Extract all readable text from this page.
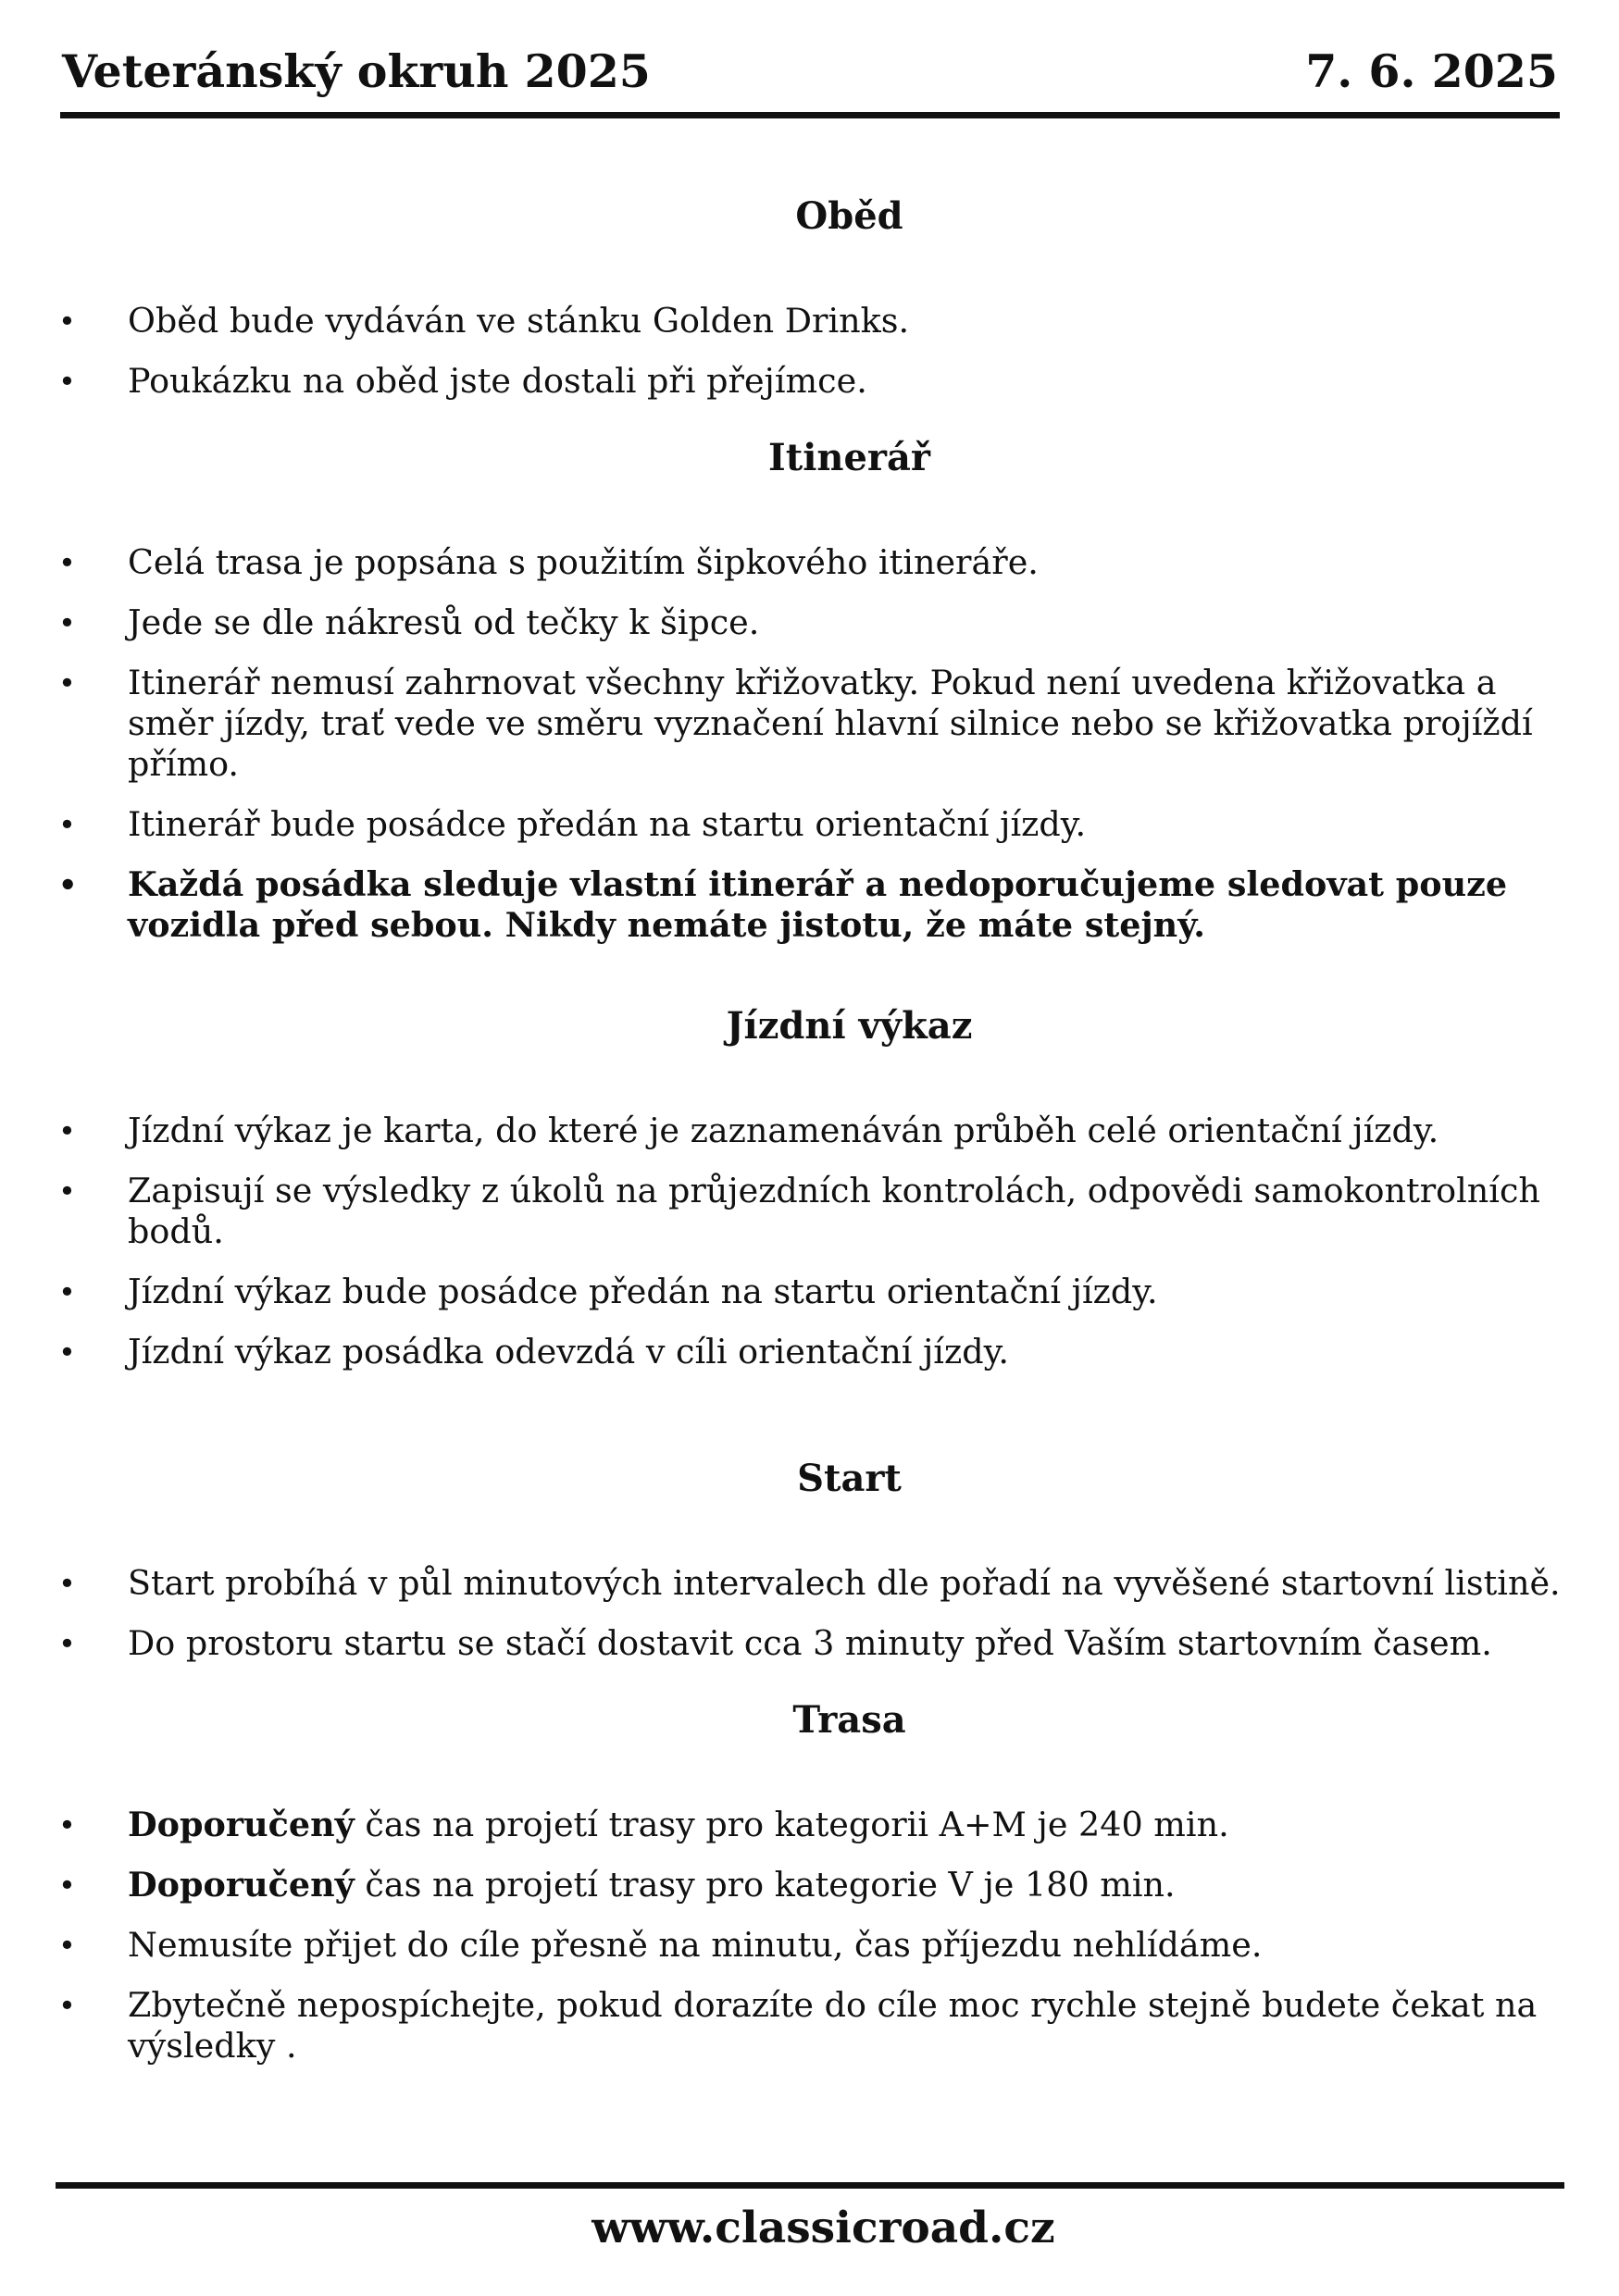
Veteránský okruh 2025	7. 6. 2025
Oběd
• Oběd bude vydáván ve stánku Golden Drinks.
• Poukázku na oběd jste dostali při přejímce.
Itinerář
• Celá trasa je popsána s použitím šipkového itineráře.
• Jede se dle nákresů od tečky k šipce.
• Itinerář nemusí zahrnovat všechny křižovatky. Pokud není uvedena křižovatka a směr jízdy, trať vede ve směru vyznačení hlavní silnice nebo se křižovatka projíždí přímo.
• Itinerář bude posádce předán na startu orientační jízdy.
• Každá posádka sleduje vlastní itinerář a nedoporučujeme sledovat pouze vozidla před sebou. Nikdy nemáte jistotu, že máte stejný.
Jízdní výkaz
• Jízdní výkaz je karta, do které je zaznamenáván průběh celé orientační jízdy.
• Zapisují se výsledky z úkolů na průjezdních kontrolách, odpovědi samokontrolních bodů.
• Jízdní výkaz bude posádce předán na startu orientační jízdy.
• Jízdní výkaz posádka odevzdá v cíli orientační jízdy.
Start
• Start probíhá v půl minutových intervalech dle pořadí na vyvěšené startovní listině.
• Do prostoru startu se stačí dostavit cca 3 minuty před Vaším startovním časem.
Trasa
• Doporučený čas na projetí trasy pro kategorii A+M je 240 min.
• Doporučený čas na projetí trasy pro kategorie V je 180 min.
• Nemusíte přijet do cíle přesně na minutu, čas příjezdu nehlídáme.
• Zbytečně nepospíchejte, pokud dorazíte do cíle moc rychle stejně budete čekat na výsledky .
www.classicroad.cz
